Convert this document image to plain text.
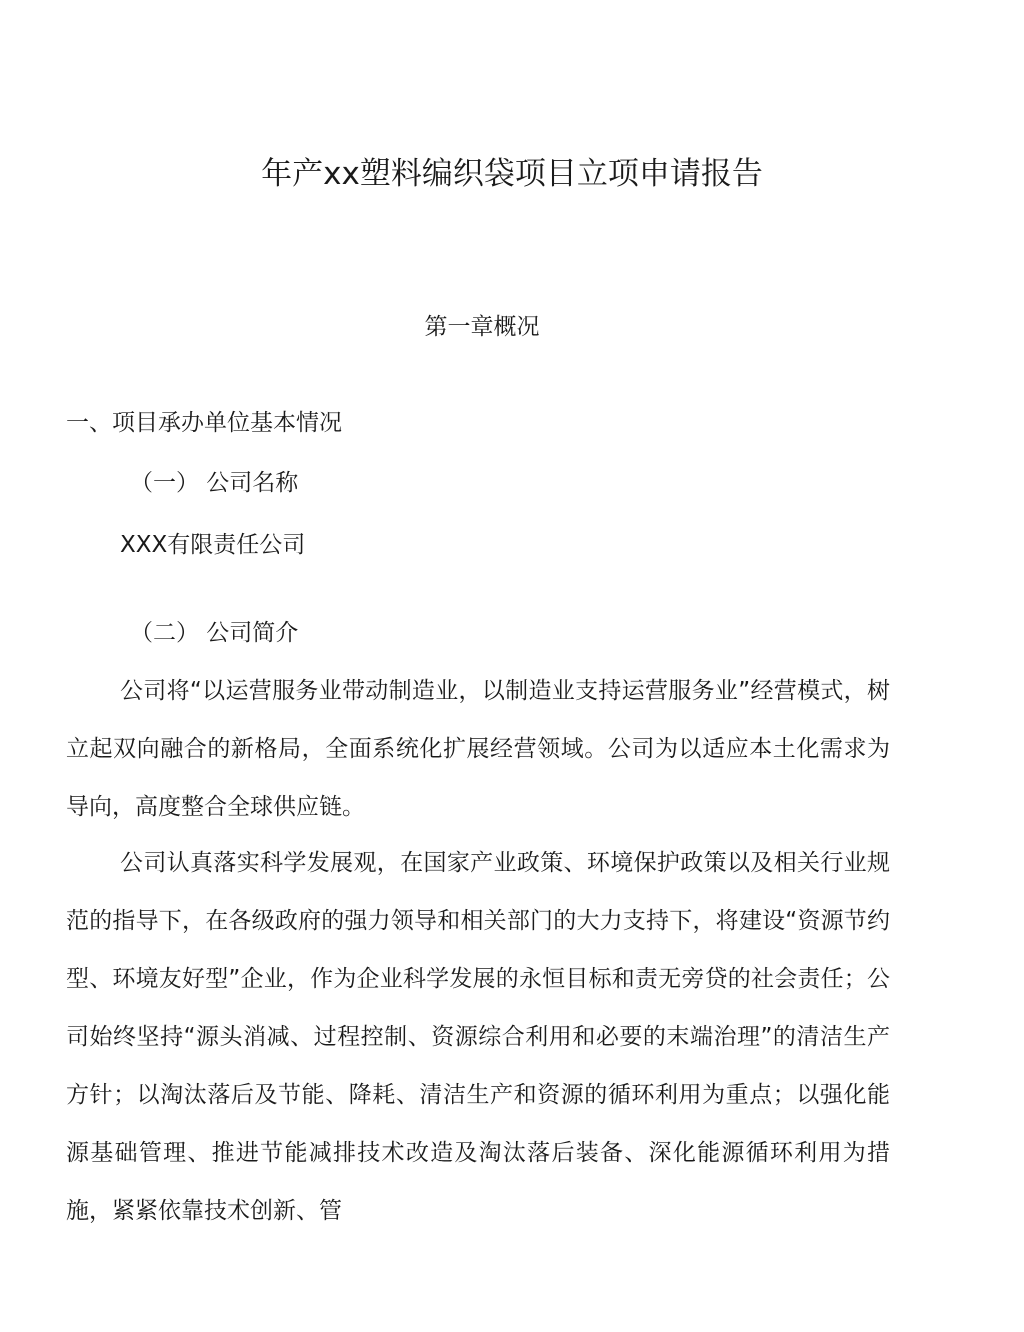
年产xx塑料编织袋项目立项申请报告
第一章概况
一、项目承办单位基本情况
（一） 公司名称
XXX有限责任公司
（二） 公司简介
公司将“以运营服务业带动制造业，以制造业支持运营服务业”经营模式，树立起双向融合的新格局，全面系统化扩展经营领域。公司为以适应本土化需求为导向，高度整合全球供应链。
公司认真落实科学发展观，在国家产业政策、环境保护政策以及相关行业规范的指导下，在各级政府的强力领导和相关部门的大力支持下，将建设“资源节约型、环境友好型”企业，作为企业科学发展的永恒目标和责无旁贷的社会责任；公司始终坚持“源头消减、过程控制、资源综合利用和必要的末端治理”的清洁生产方针；以淘汰落后及节能、降耗、清洁生产和资源的循环利用为重点；以强化能源基础管理、推进节能减排技术改造及淘汰落后装备、深化能源循环利用为措施，紧紧依靠技术创新、管
